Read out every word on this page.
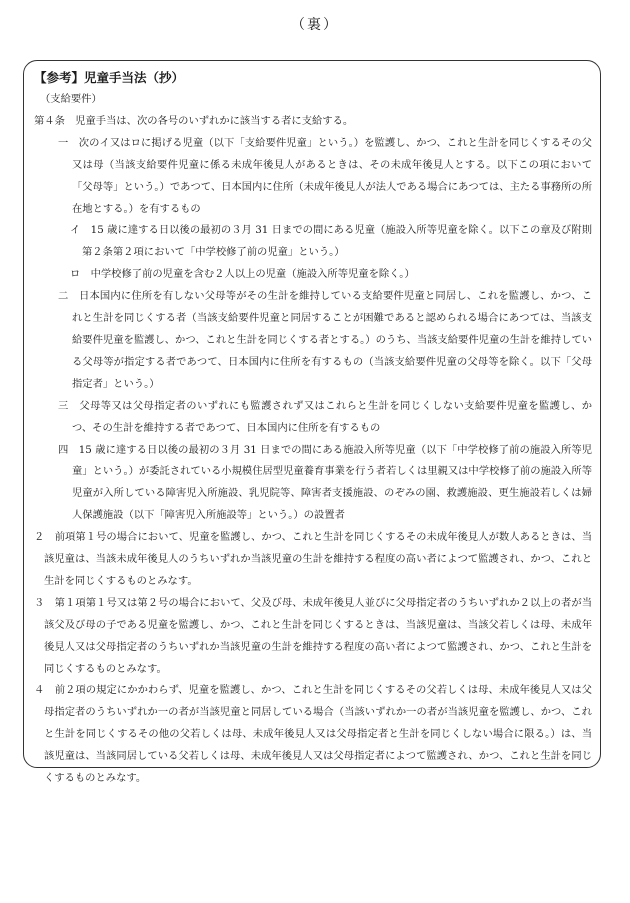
（裏）
【参考】児童手当法（抄）

（支給要件）

第４条　児童手当は、次の各号のいずれかに該当する者に支給する。

一　次のイ又はロに掲げる児童（以下「支給要件児童」という。）を監護し、かつ、これと生計を同じくするその父又は母（当該支給要件児童に係る未成年後見人があるときは、その未成年後見人とする。以下この項において「父母等」という。）であつて、日本国内に住所（未成年後見人が法人である場合にあつては、主たる事務所の所在地とする。）を有するもの

イ　15 歳に達する日以後の最初の３月 31 日までの間にある児童（施設入所等児童を除く。以下この章及び附則第２条第２項において「中学校修了前の児童」という。）

ロ　中学校修了前の児童を含む２人以上の児童（施設入所等児童を除く。）

二　日本国内に住所を有しない父母等がその生計を維持している支給要件児童と同居し、これを監護し、かつ、これと生計を同じくする者（当該支給要件児童と同居することが困難であると認められる場合にあつては、当該支給要件児童を監護し、かつ、これと生計を同じくする者とする。）のうち、当該支給要件児童の生計を維持している父母等が指定する者であつて、日本国内に住所を有するもの（当該支給要件児童の父母等を除く。以下「父母指定者」という。）

三　父母等又は父母指定者のいずれにも監護されず又はこれらと生計を同じくしない支給要件児童を監護し、かつ、その生計を維持する者であつて、日本国内に住所を有するもの

四　15 歳に達する日以後の最初の３月 31 日までの間にある施設入所等児童（以下「中学校修了前の施設入所等児童」という。）が委託されている小規模住居型児童養育事業を行う者若しくは里親又は中学校修了前の施設入所等児童が入所している障害児入所施設、乳児院等、障害者支援施設、のぞみの園、救護施設、更生施設若しくは婦人保護施設（以下「障害児入所施設等」という。）の設置者

２　前項第１号の場合において、児童を監護し、かつ、これと生計を同じくするその未成年後見人が数人あるときは、当該児童は、当該未成年後見人のうちいずれか当該児童の生計を維持する程度の高い者によつて監護され、かつ、これと生計を同じくするものとみなす。

３　第１項第１号又は第２号の場合において、父及び母、未成年後見人並びに父母指定者のうちいずれか２以上の者が当該父及び母の子である児童を監護し、かつ、これと生計を同じくするときは、当該児童は、当該父若しくは母、未成年後見人又は父母指定者のうちいずれか当該児童の生計を維持する程度の高い者によつて監護され、かつ、これと生計を同じくするものとみなす。

４　前２項の規定にかかわらず、児童を監護し、かつ、これと生計を同じくするその父若しくは母、未成年後見人又は父母指定者のうちいずれか一の者が当該児童と同居している場合（当該いずれか一の者が当該児童を監護し、かつ、これと生計を同じくするその他の父若しくは母、未成年後見人又は父母指定者と生計を同じくしない場合に限る。）は、当該児童は、当該同居している父若しくは母、未成年後見人又は父母指定者によつて監護され、かつ、これと生計を同じくするものとみなす。
